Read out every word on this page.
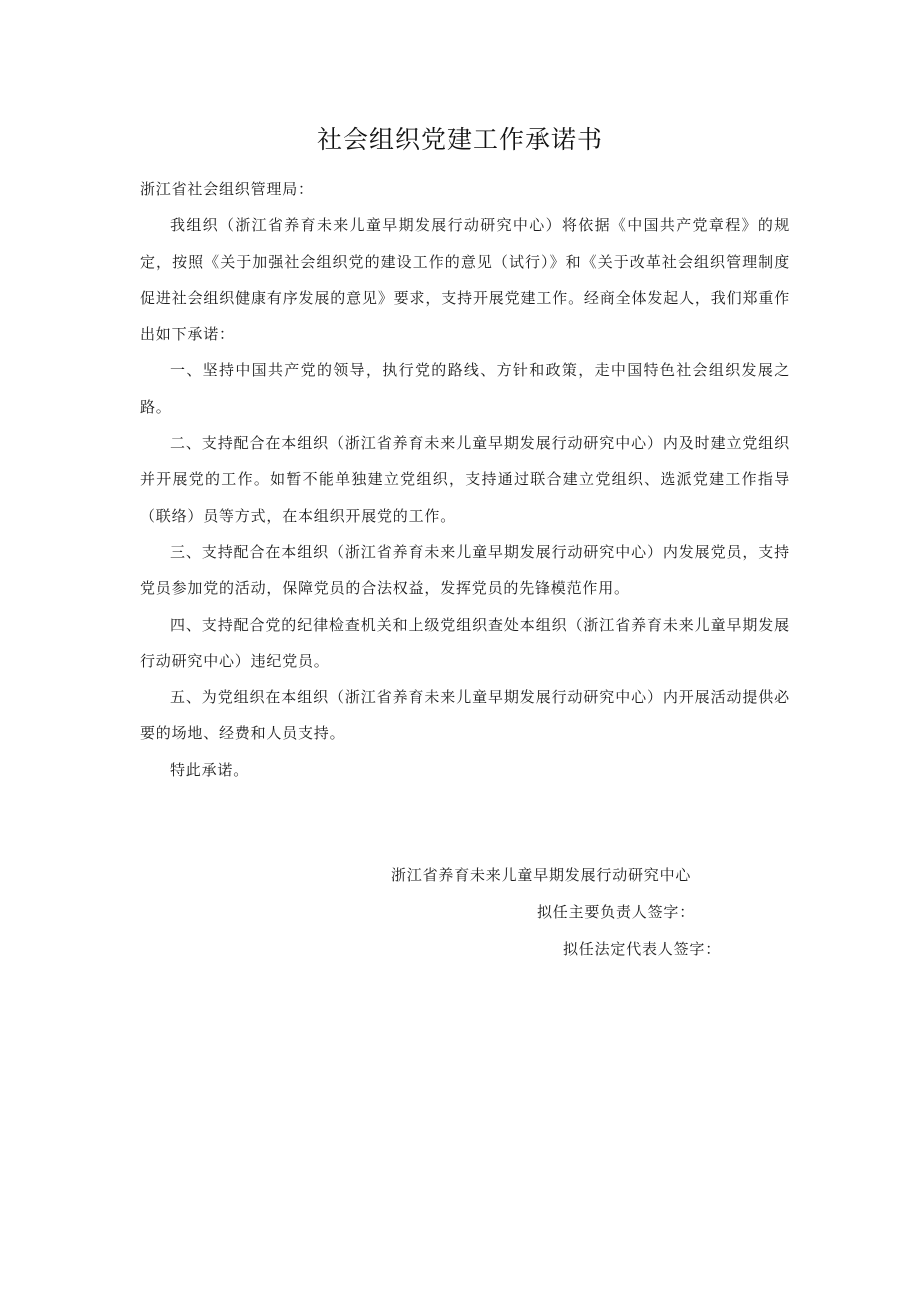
社会组织党建工作承诺书

浙江省社会组织管理局：

我组织（浙江省养育未来儿童早期发展行动研究中心）将依据《中国共产党章程》的规定，按照《关于加强社会组织党的建设工作的意见（试行）》和《关于改革社会组织管理制度促进社会组织健康有序发展的意见》要求，支持开展党建工作。经商全体发起人，我们郑重作出如下承诺：

一、坚持中国共产党的领导，执行党的路线、方针和政策，走中国特色社会组织发展之路。

二、支持配合在本组织（浙江省养育未来儿童早期发展行动研究中心）内及时建立党组织并开展党的工作。如暂不能单独建立党组织，支持通过联合建立党组织、选派党建工作指导（联络）员等方式，在本组织开展党的工作。

三、支持配合在本组织（浙江省养育未来儿童早期发展行动研究中心）内发展党员，支持党员参加党的活动，保障党员的合法权益，发挥党员的先锋模范作用。

四、支持配合党的纪律检查机关和上级党组织查处本组织（浙江省养育未来儿童早期发展行动研究中心）违纪党员。

五、为党组织在本组织（浙江省养育未来儿童早期发展行动研究中心）内开展活动提供必要的场地、经费和人员支持。

特此承诺。

浙江省养育未来儿童早期发展行动研究中心
拟任主要负责人签字：
拟任法定代表人签字：
